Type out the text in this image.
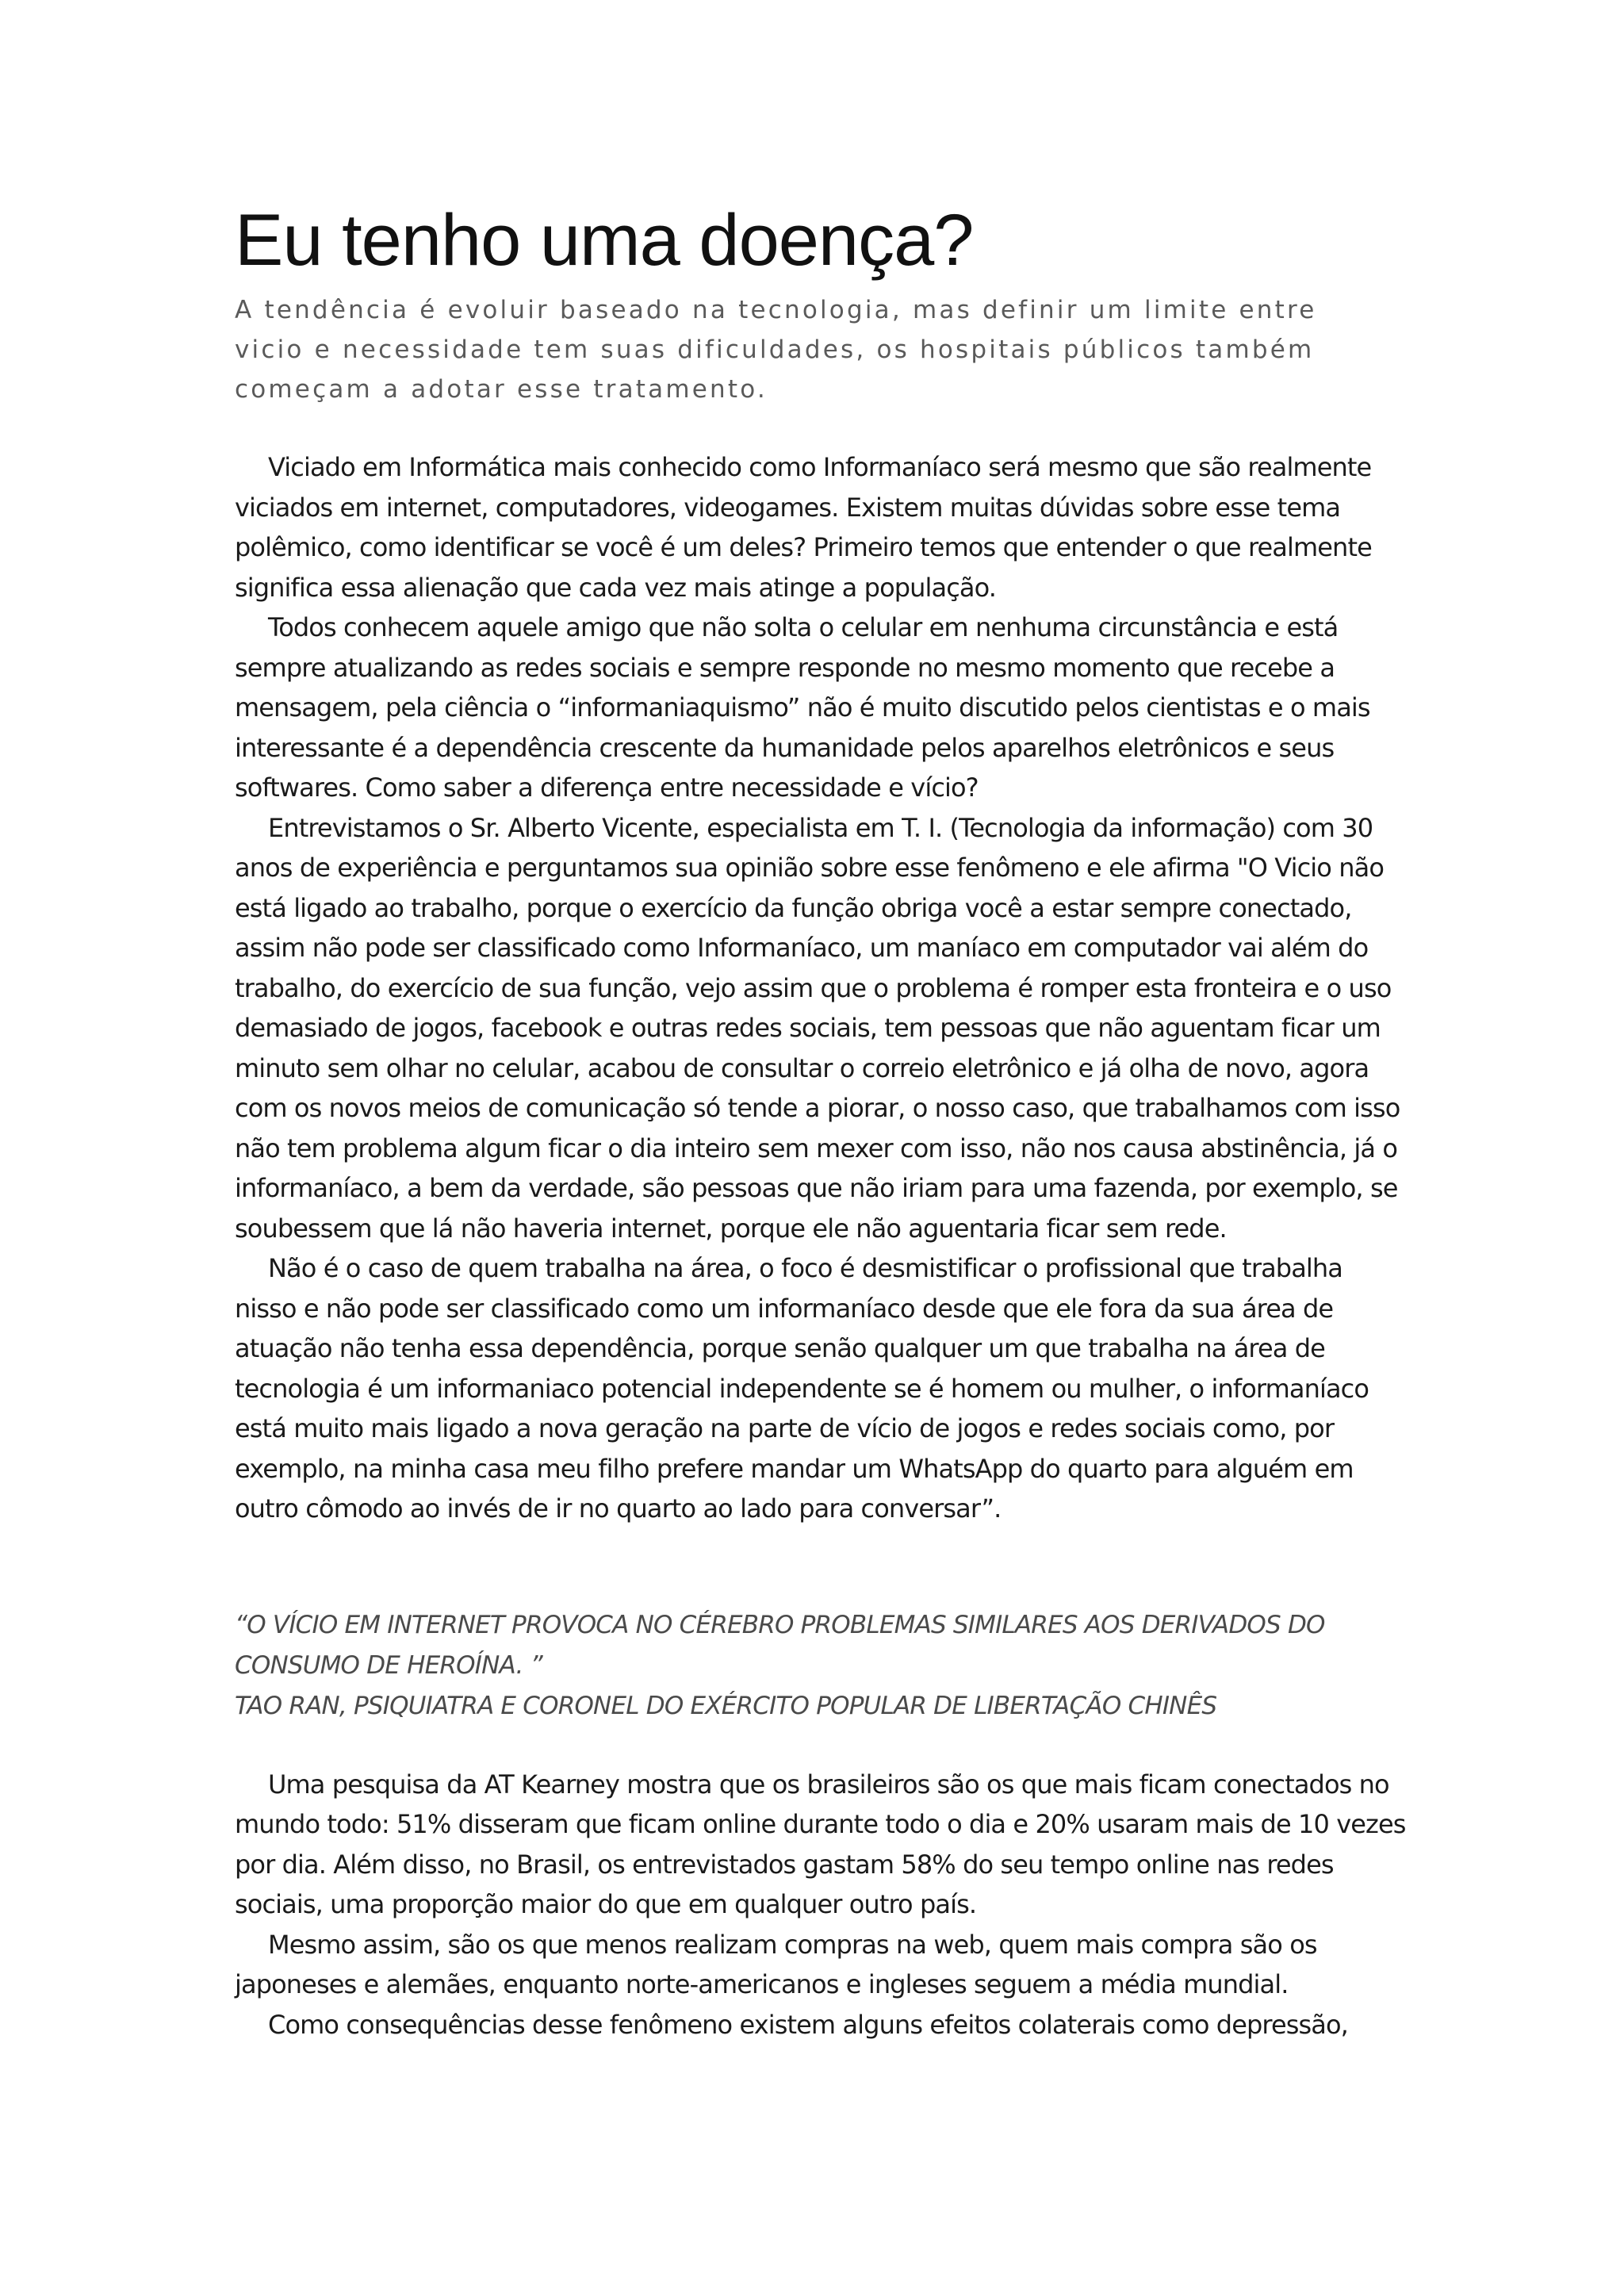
Eu tenho uma doença?
A tendência é evoluir baseado na tecnologia, mas definir um limite entre vicio e necessidade tem suas dificuldades, os hospitais públicos também começam a adotar esse tratamento.

Viciado em Informática mais conhecido como Informaníaco será mesmo que são realmente viciados em internet, computadores, videogames. Existem muitas dúvidas sobre esse tema polêmico, como identificar se você é um deles? Primeiro temos que entender o que realmente significa essa alienação que cada vez mais atinge a população.

Todos conhecem aquele amigo que não solta o celular em nenhuma circunstância e está sempre atualizando as redes sociais e sempre responde no mesmo momento que recebe a mensagem, pela ciência o “informaniaquismo” não é muito discutido pelos cientistas e o mais interessante é a dependência crescente da humanidade pelos aparelhos eletrônicos e seus softwares. Como saber a diferença entre necessidade e vício?

Entrevistamos o Sr. Alberto Vicente, especialista em T. I. (Tecnologia da informação) com 30 anos de experiência e perguntamos sua opinião sobre esse fenômeno e ele afirma "O Vicio não está ligado ao trabalho, porque o exercício da função obriga você a estar sempre conectado, assim não pode ser classificado como Informaníaco, um maníaco em computador vai além do trabalho, do exercício de sua função, vejo assim que o problema é romper esta fronteira e o uso demasiado de jogos, facebook e outras redes sociais, tem pessoas que não aguentam ficar um minuto sem olhar no celular, acabou de consultar o correio eletrônico e já olha de novo, agora com os novos meios de comunicação só tende a piorar, o nosso caso, que trabalhamos com isso não tem problema algum ficar o dia inteiro sem mexer com isso, não nos causa abstinência, já o informaníaco, a bem da verdade, são pessoas que não iriam para uma fazenda, por exemplo, se soubessem que lá não haveria internet, porque ele não aguentaria ficar sem rede.

Não é o caso de quem trabalha na área, o foco é desmistificar o profissional que trabalha nisso e não pode ser classificado como um informaníaco desde que ele fora da sua área de atuação não tenha essa dependência, porque senão qualquer um que trabalha na área de tecnologia é um informaniaco potencial independente se é homem ou mulher, o informaníaco está muito mais ligado a nova geração na parte de vício de jogos e redes sociais como, por exemplo, na minha casa meu filho prefere mandar um WhatsApp do quarto para alguém em outro cômodo ao invés de ir no quarto ao lado para conversar”.

“O VÍCIO EM INTERNET PROVOCA NO CÉREBRO PROBLEMAS SIMILARES AOS DERIVADOS DO CONSUMO DE HEROÍNA. ”
TAO RAN, PSIQUIATRA E CORONEL DO EXÉRCITO POPULAR DE LIBERTAÇÃO CHINÊS

Uma pesquisa da AT Kearney mostra que os brasileiros são os que mais ficam conectados no mundo todo: 51% disseram que ficam online durante todo o dia e 20% usaram mais de 10 vezes por dia. Além disso, no Brasil, os entrevistados gastam 58% do seu tempo online nas redes sociais, uma proporção maior do que em qualquer outro país.

Mesmo assim, são os que menos realizam compras na web, quem mais compra são os japoneses e alemães, enquanto norte-americanos e ingleses seguem a média mundial.

Como consequências desse fenômeno existem alguns efeitos colaterais como depressão,
